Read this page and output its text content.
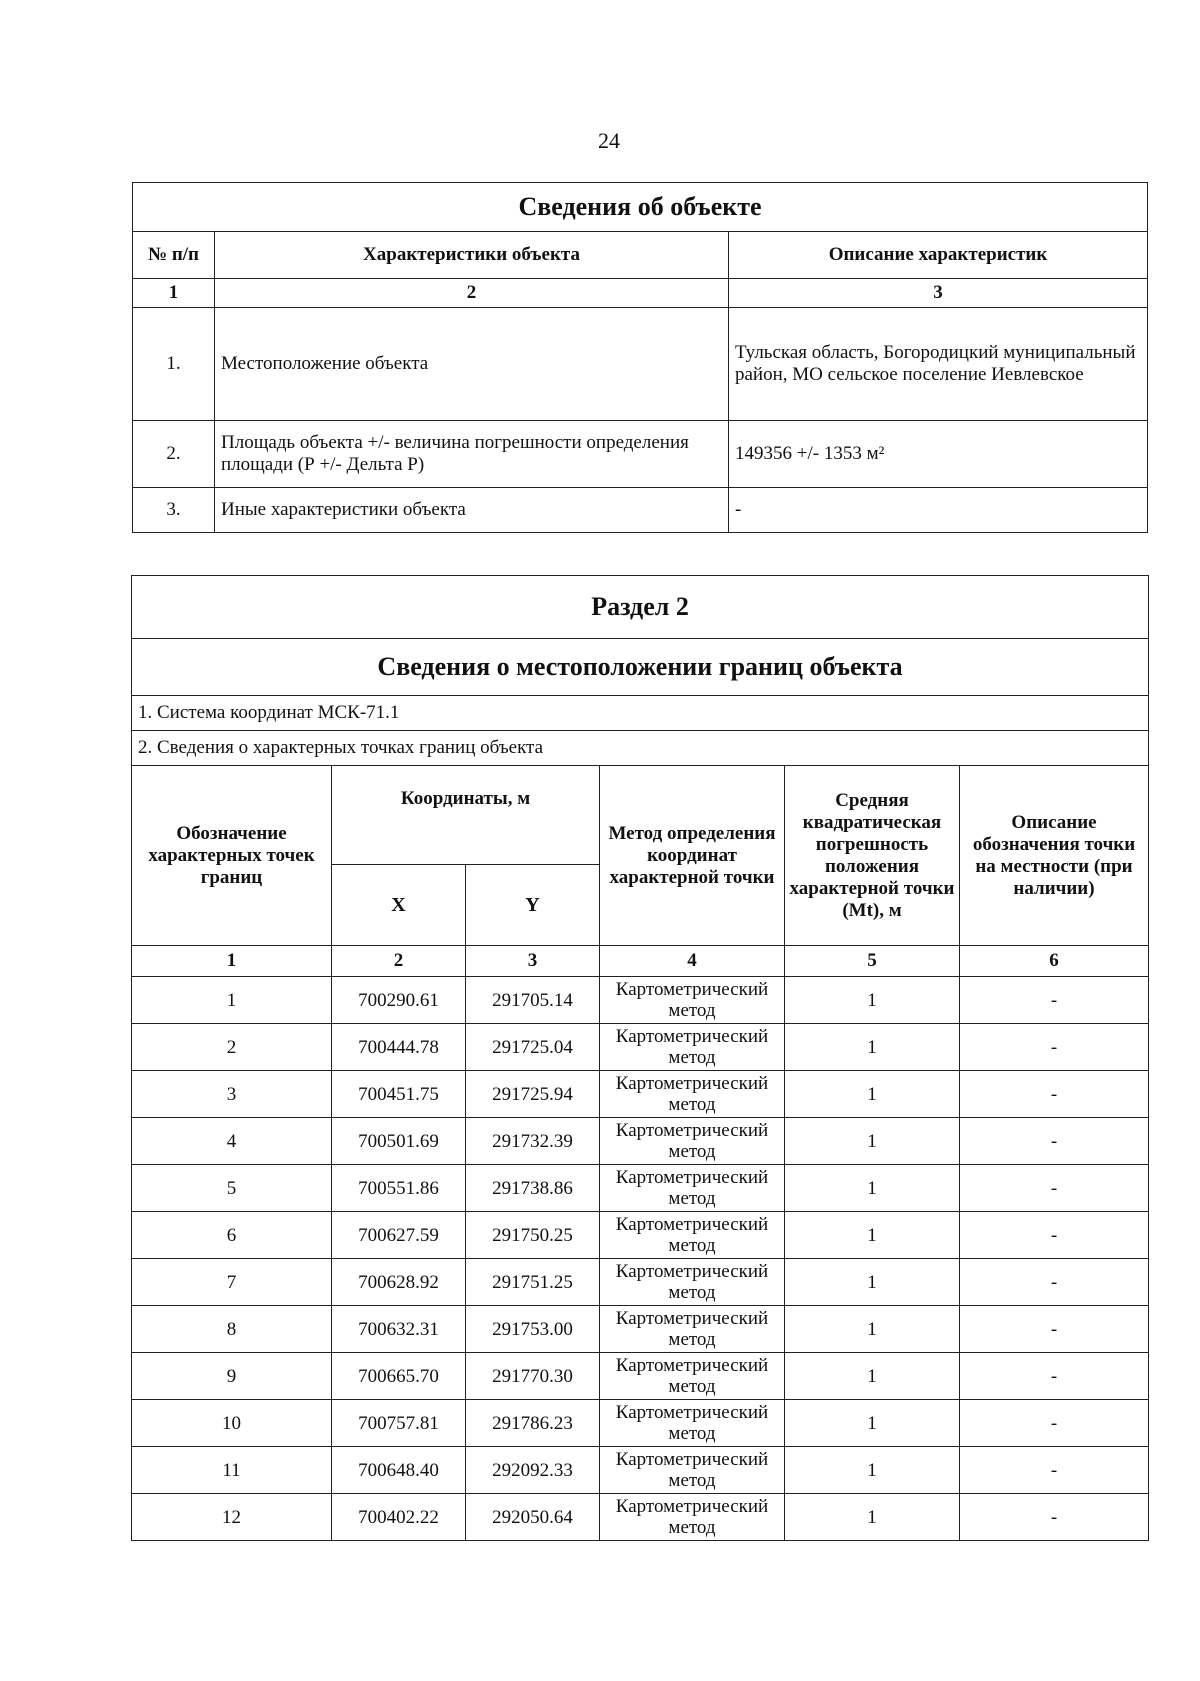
24
Сведения об объекте		
№ п/п	Характеристики объекта	Описание характеристик
1	2	3
1.	Местоположение объекта	Тульская область, Богородицкий муниципальный район, МО сельское поселение Иевлевское
2.	Площадь объекта +/- величина погрешности определения площади (Р +/- Дельта Р)	149356 +/- 1353 м²
3.	Иные характеристики объекта	-
Раздел 2					
Сведения о местоположении границ объекта					
1. Система координат МСК-71.1					
2. Сведения о характерных точках границ объекта					
Обозначение характерных точек границ	Координаты, м		Метод определения координат характерной точки	Средняя квадратическая погрешность положения характерной точки (Mt), м	Описание обозначения точки на местности (при наличии)
	X	Y			
1	2	3	4	5	6
1	700290.61	291705.14	Картометрический метод	1	-
2	700444.78	291725.04	Картометрический метод	1	-
3	700451.75	291725.94	Картометрический метод	1	-
4	700501.69	291732.39	Картометрический метод	1	-
5	700551.86	291738.86	Картометрический метод	1	-
6	700627.59	291750.25	Картометрический метод	1	-
7	700628.92	291751.25	Картометрический метод	1	-
8	700632.31	291753.00	Картометрический метод	1	-
9	700665.70	291770.30	Картометрический метод	1	-
10	700757.81	291786.23	Картометрический метод	1	-
11	700648.40	292092.33	Картометрический метод	1	-
12	700402.22	292050.64	Картометрический метод	1	-
